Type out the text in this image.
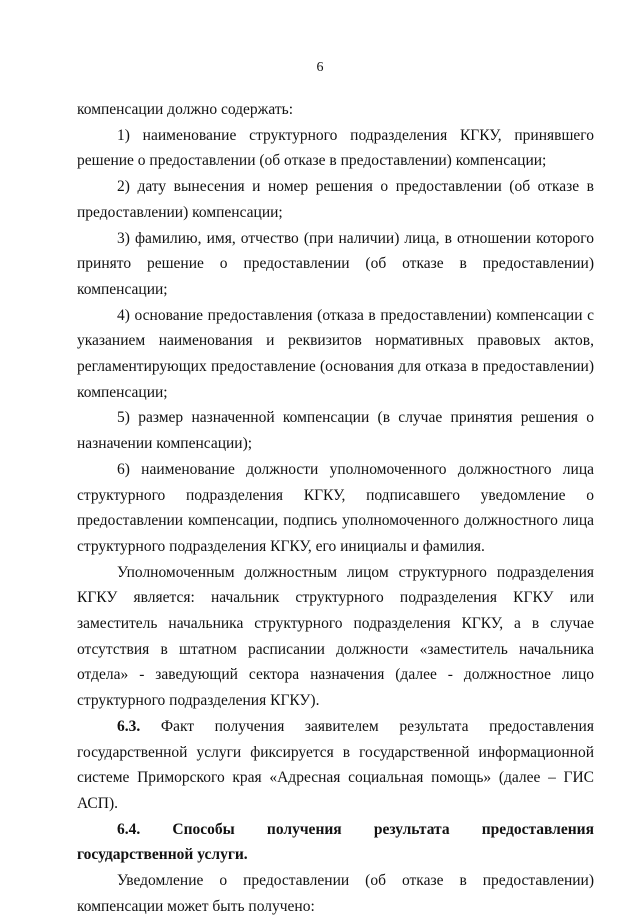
6

компенсации должно содержать:

1) наименование структурного подразделения КГКУ, принявшего решение о предоставлении (об отказе в предоставлении) компенсации;

2) дату вынесения и номер решения о предоставлении (об отказе в предоставлении) компенсации;

3) фамилию, имя, отчество (при наличии) лица, в отношении которого принято решение о предоставлении (об отказе в предоставлении) компенсации;

4) основание предоставления (отказа в предоставлении) компенсации с указанием наименования и реквизитов нормативных правовых актов, регламентирующих предоставление (основания для отказа в предоставлении) компенсации;

5) размер назначенной компенсации (в случае принятия решения о назначении компенсации);

6) наименование должности уполномоченного должностного лица структурного подразделения КГКУ, подписавшего уведомление о предоставлении компенсации, подпись уполномоченного должностного лица структурного подразделения КГКУ, его инициалы и фамилия.

Уполномоченным должностным лицом структурного подразделения КГКУ является: начальник структурного подразделения КГКУ или заместитель начальника структурного подразделения КГКУ, а в случае отсутствия в штатном расписании должности «заместитель начальника отдела» - заведующий сектора назначения (далее - должностное лицо структурного подразделения КГКУ).

6.3. Факт получения заявителем результата предоставления государственной услуги фиксируется в государственной информационной системе Приморского края «Адресная социальная помощь» (далее – ГИС АСП).

6.4. Способы получения результата предоставления государственной услуги.

Уведомление о предоставлении (об отказе в предоставлении) компенсации может быть получено:
